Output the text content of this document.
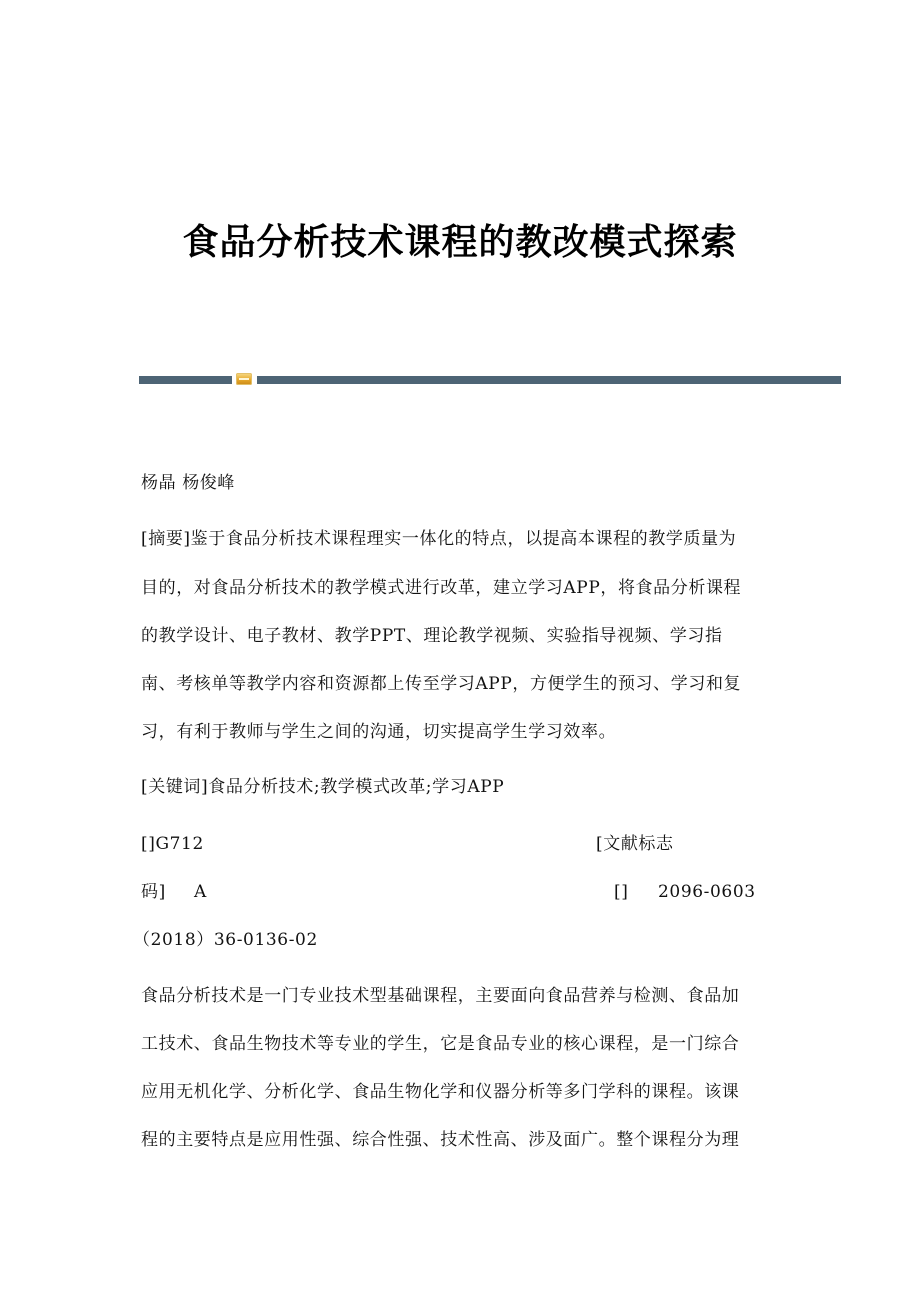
食品分析技术课程的教改模式探索
杨晶 杨俊峰
[摘要]鉴于食品分析技术课程理实一体化的特点，以提高本课程的教学质量为
目的，对食品分析技术的教学模式进行改革，建立学习APP，将食品分析课程
的教学设计、电子教材、教学PPT、理论教学视频、实验指导视频、学习指
南、考核单等教学内容和资源都上传至学习APP，方便学生的预习、学习和复
习，有利于教师与学生之间的沟通，切实提高学生学习效率。
[关键词]食品分析技术;教学模式改革;学习APP
[]G712	[文献标志
码] A	[] 2096-0603
（2018）36-0136-02
食品分析技术是一门专业技术型基础课程，主要面向食品营养与检测、食品加
工技术、食品生物技术等专业的学生，它是食品专业的核心课程，是一门综合
应用无机化学、分析化学、食品生物化学和仪器分析等多门学科的课程。该课
程的主要特点是应用性强、综合性强、技术性高、涉及面广。整个课程分为理
